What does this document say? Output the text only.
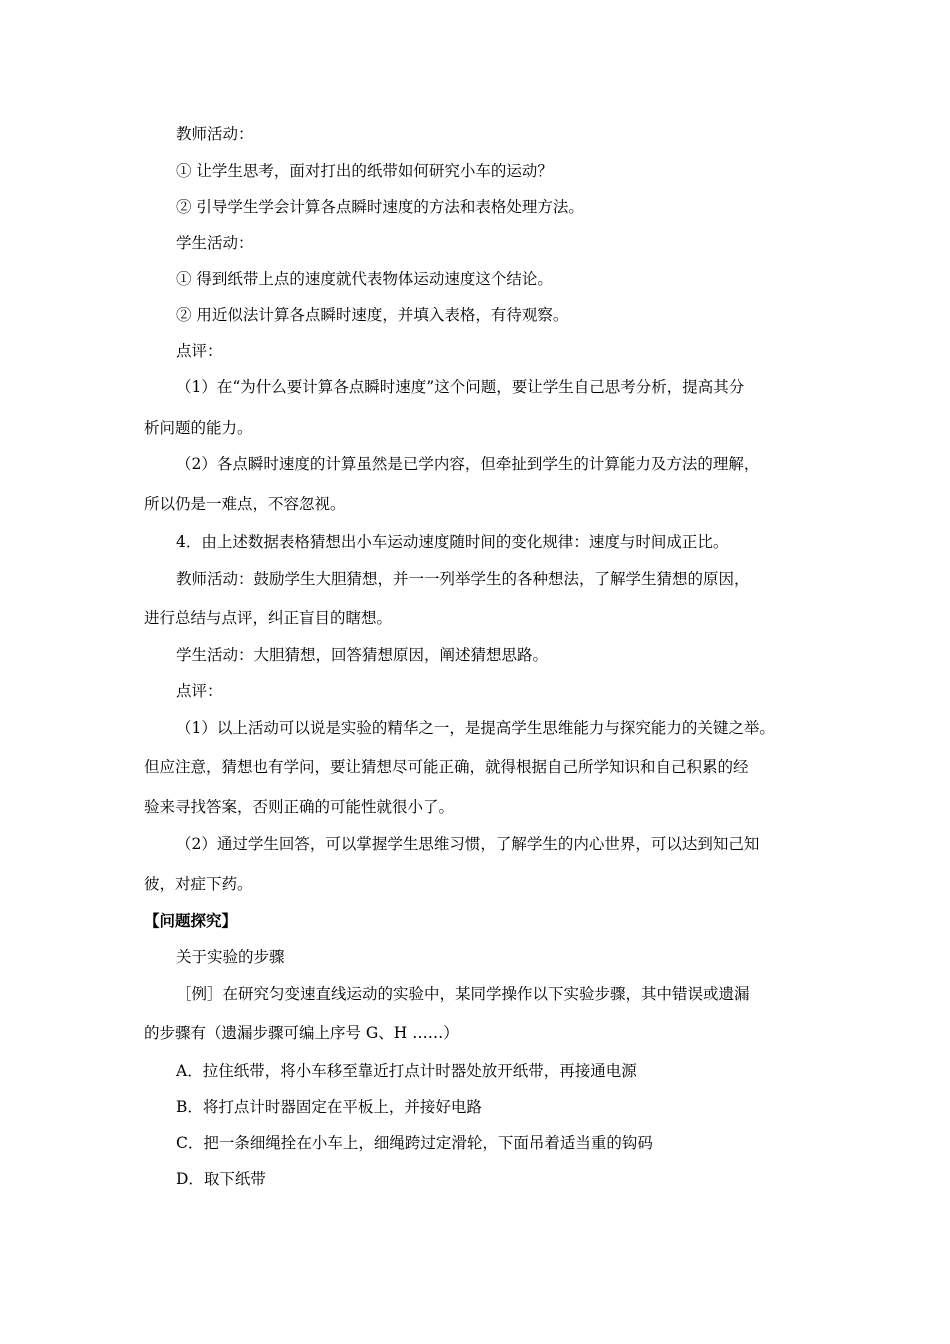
教师活动：
① 让学生思考，面对打出的纸带如何研究小车的运动？
② 引导学生学会计算各点瞬时速度的方法和表格处理方法。
学生活动：
① 得到纸带上点的速度就代表物体运动速度这个结论。
② 用近似法计算各点瞬时速度，并填入表格，有待观察。
点评：
（1）在“为什么要计算各点瞬时速度”这个问题，要让学生自己思考分析，提高其分
析问题的能力。
（2）各点瞬时速度的计算虽然是已学内容，但牵扯到学生的计算能力及方法的理解，
所以仍是一难点，不容忽视。
4．由上述数据表格猜想出小车运动速度随时间的变化规律：速度与时间成正比。
教师活动：鼓励学生大胆猜想，并一一列举学生的各种想法，了解学生猜想的原因，
进行总结与点评，纠正盲目的瞎想。
学生活动：大胆猜想，回答猜想原因，阐述猜想思路。
点评：
（1）以上活动可以说是实验的精华之一，是提高学生思维能力与探究能力的关键之举。
但应注意，猜想也有学问，要让猜想尽可能正确，就得根据自己所学知识和自己积累的经
验来寻找答案，否则正确的可能性就很小了。
（2）通过学生回答，可以掌握学生思维习惯，了解学生的内心世界，可以达到知己知
彼，对症下药。
【问题探究】
关于实验的步骤
［例］在研究匀变速直线运动的实验中，某同学操作以下实验步骤，其中错误或遗漏
的步骤有（遗漏步骤可编上序号 G、H ……）
A．拉住纸带，将小车移至靠近打点计时器处放开纸带，再接通电源
B．将打点计时器固定在平板上，并接好电路
C．把一条细绳拴在小车上，细绳跨过定滑轮，下面吊着适当重的钩码
D．取下纸带
